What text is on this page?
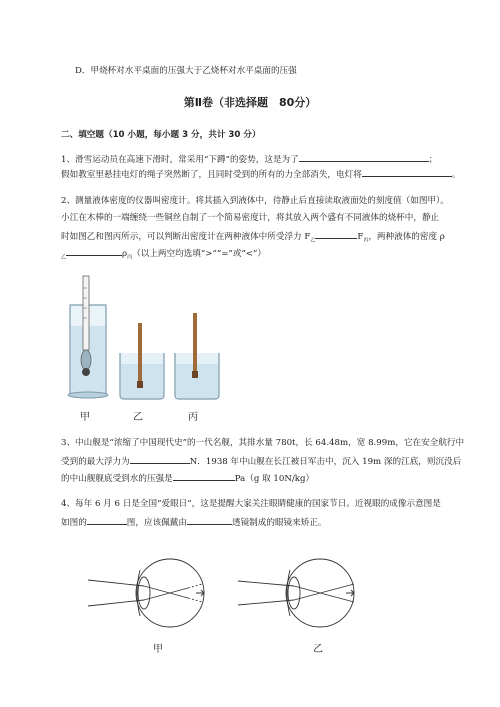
D．甲烧杯对水平桌面的压强大于乙烧杯对水平桌面的压强
第Ⅱ卷（非选择题　80分）
二、填空题（10 小题，每小题 3 分，共计 30 分）
1、滑雪运动员在高速下滑时，常采用“下蹲”的姿势，这是为了	；
假如教室里悬挂电灯的绳子突然断了，且同时受到的所有的力全部消失，电灯将	。
2、测量液体密度的仪器叫密度计。将其插入到液体中，待静止后直接读取液面处的刻度值（如图甲）。
小江在木棒的一端缠绕一些铜丝自制了一个简易密度计，将其放入两个盛有不同液体的烧杯中，静止
时如图乙和图丙所示，可以判断出密度计在两种液体中所受浮力 $F_乙$	$F_丙$，两种液体的密度 ρ
$_乙$	$\rho_丙$（以上两空均选填“>”“=”或“<”）
甲	乙	丙
3、中山舰是“浓缩了中国现代史”的一代名舰，其排水量 780t，长 64.48m，宽 8.99m，它在安全航行中
受到的最大浮力为	N．1938 年中山舰在长江被日军击中，沉入 19m 深的江底，则沉没后
的中山舰舰底受到水的压强是	Pa（g 取 10N/kg）
4、每年 6 月 6 日是全国“爱眼日”，这是提醒大家关注眼睛健康的国家节日。近视眼的成像示意图是
如图的	图，应该佩戴由	透镜制成的眼镜来矫正。
甲	乙
